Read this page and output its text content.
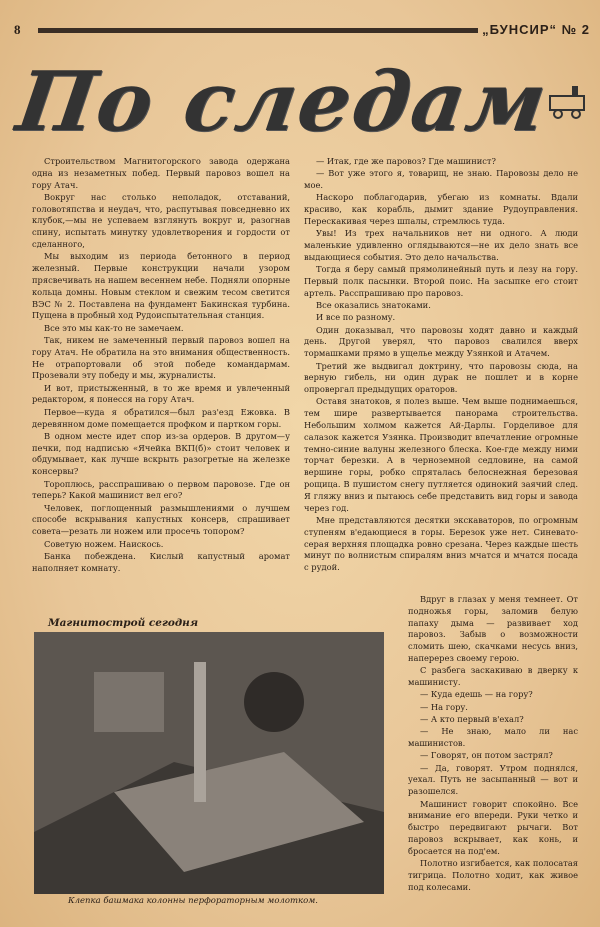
8	„БУНСИР“ № 2
По следам

Строительством Магнитогорского завода одержана одна из незаметных побед. Первый паровоз вошел на гору Атач.

Вокруг нас столько неполадок, отставаний, головотяпства и неудач, что, распутывая повседневно их клубок,—мы не успеваем взглянуть вокруг и, разогнав спину, испытать минутку удовлетворения и гордости от сделанного,

Мы выходим из периода бетонного в период железный. Первые конструкции начали узором прясвечивать на нашем весеннем небе. Подняли опорные кольца домны. Новым стеклом и свежим тесом светится ВЭС № 2. Поставлена на фундамент Бакинская турбина. Пущена в пробный ход Рудоиспытательная станция.

Все это мы как-то не замечаем.

Так, никем не замеченный первый паровоз вошел на гору Атач. Не обратила на это внимания общественность. Не отрапортовали об этой победе командармам. Прозевали эту победу и мы, журналисты.

И вот, пристыженный, в то же время и увлеченный редактором, я понесся на гору Атач.

Первое—куда я обратился—был раз'езд Ежовка. В деревянном доме помещается профком и партком горы.

В одном месте идет спор из-за ордеров. В другом—у печки, под надписью «Ячейка ВКП(б)» стоит человек и обдумывает, как лучше вскрыть разогретые на железке консервы?

Тороплюсь, расспрашиваю о первом паровозе. Где он теперь? Какой машинист вел его?

Человек, поглощенный размышлениями о лучшем способе вскрывания капустных консерв, спрашивает совета—резать ли ножем или просечь топором?

Советую ножем. Наискось.

Банка побеждена. Кислый капустный аромат наполняет комнату.

— Итак, где же паровоз? Где машинист?

— Вот уже этого я, товарищ, не знаю. Паровозы дело не мое.

Наскоро поблагодарив, убегаю из комнаты. Вдали красиво, как корабль, дымит здание Рудоуправления. Перескакивая через шпалы, стремлюсь туда.

Увы! Из трех начальников нет ни одного. А люди маленькие удивленно оглядываются—не их дело знать все выдающиеся события. Это дело начальства.

Тогда я беру самый прямолинейный путь и лезу на гору. Первый полк пасынки. Второй поис. На засыпке его стоит артель. Расспрашиваю про паровоз.

Все оказались знатоками.

И все по разному.

Один доказывал, что паровозы ходят давно и каждый день. Другой уверял, что паровоз свалился вверх тормашками прямо в ущелье между Узянкой и Атачем.

Третий же выдвигал доктрину, что паровозы сюда, на верную гибель, ни один дурак не пошлет и в корне опровергал предыдущих ораторов.

Оставя знатоков, я полез выше. Чем выше поднимаешься, тем шире развертывается панорама строительства. Небольшим холмом кажется Ай-Дарлы. Горделивое для салазок кажется Узянка. Производит впечатление огромные темно-синие валуны железного блеска. Кое-где между ними торчат березки. А в черноземной седловине, на самой вершине горы, робко спряталась белоснежная березовая рощица. В пушистом снегу путляется одинокий заячий след. Я гляжу вниз и пытаюсь себе представить вид горы и завода через год.

Мне представляются десятки экскаваторов, по огромным ступеням в'едающиеся в горы. Березок уже нет. Синевато-серая верхняя площадка ровно срезана. Через каждые шесть минут по волнистым спиралям вниз мчатся и мчатся посада с рудой.

Магнитострой сегодня
Клепка башмака колонны перфораторным молотком.

Вдруг в глазах у меня темнеет. От подножья горы, заломив белую папаху дыма — развивает ход паровоз. Забыв о возможности сломить шею, скачками несусь вниз, наперерез своему герою.

С разбега заскакиваю в дверку к машинисту.

— Куда едешь — на гору?

— На гору.

— А кто первый в'ехал?

— Не знаю, мало ли нас машинистов.

— Говорят, он потом застрял?

— Да, говорят. Утром поднялся, уехал. Путь не засыпанный — вот и разошелся.

Машинист говорит спокойно. Все внимание его впереди. Руки четко и быстро передвигают рычаги. Вот паровоз вскрывает, как конь, и бросается на под'ем.

Полотно изгибается, как полосатая тигрица. Полотно ходит, как живое под колесами.
